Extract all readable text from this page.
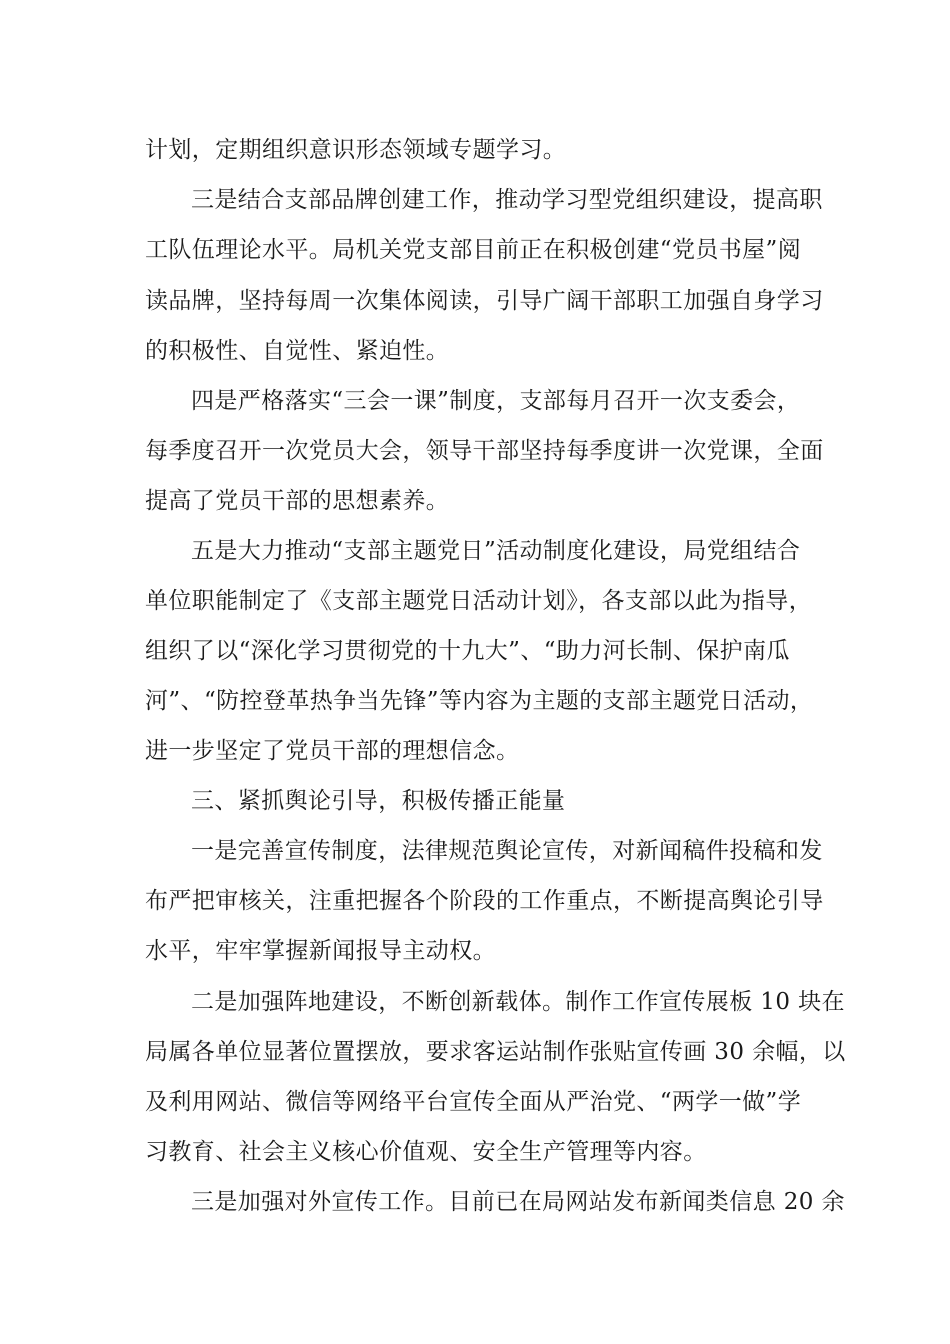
计划，定期组织意识形态领域专题学习。
三是结合支部品牌创建工作，推动学习型党组织建设，提高职
工队伍理论水平。局机关党支部目前正在积极创建“党员书屋”阅
读品牌，坚持每周一次集体阅读，引导广阔干部职工加强自身学习
的积极性、自觉性、紧迫性。
四是严格落实“三会一课”制度，支部每月召开一次支委会，
每季度召开一次党员大会，领导干部坚持每季度讲一次党课，全面
提高了党员干部的思想素养。
五是大力推动“支部主题党日”活动制度化建设，局党组结合
单位职能制定了《支部主题党日活动计划》，各支部以此为指导，
组织了以“深化学习贯彻党的十九大”、“助力河长制、保护南瓜
河”、“防控登革热争当先锋”等内容为主题的支部主题党日活动，
进一步坚定了党员干部的理想信念。
三、紧抓舆论引导，积极传播正能量
一是完善宣传制度，法律规范舆论宣传，对新闻稿件投稿和发
布严把审核关，注重把握各个阶段的工作重点，不断提高舆论引导
水平，牢牢掌握新闻报导主动权。
二是加强阵地建设，不断创新载体。制作工作宣传展板 10 块在
局属各单位显著位置摆放，要求客运站制作张贴宣传画 30 余幅，以
及利用网站、微信等网络平台宣传全面从严治党、“两学一做”学
习教育、社会主义核心价值观、安全生产管理等内容。
三是加强对外宣传工作。目前已在局网站发布新闻类信息 20 余
